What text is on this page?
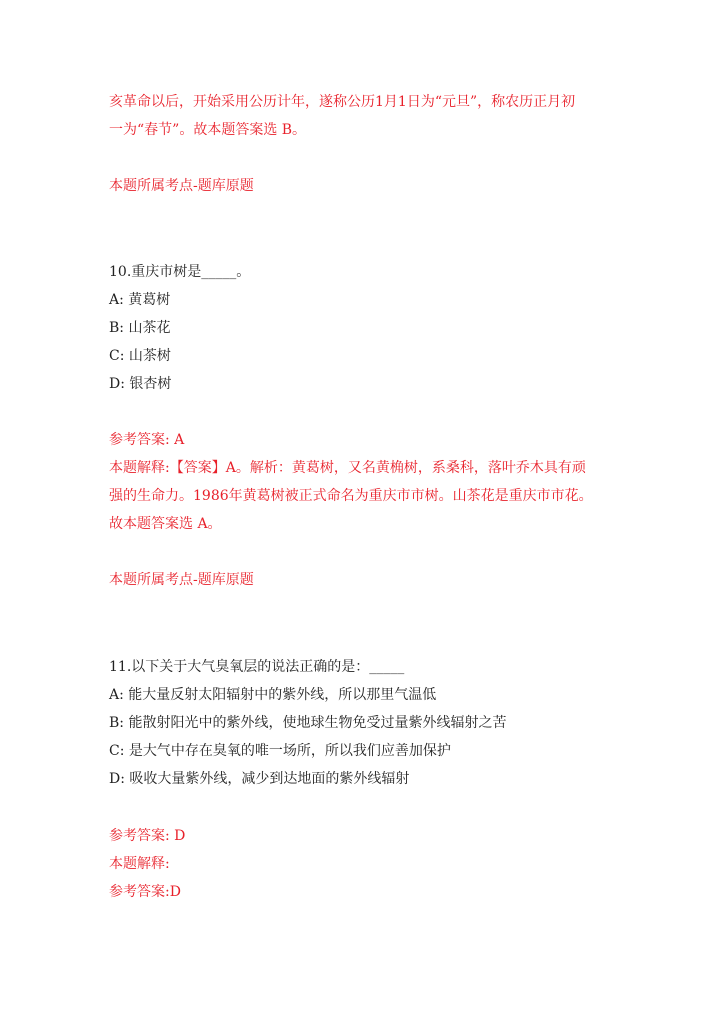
亥革命以后，开始采用公历计年，遂称公历1月1日为“元旦”，称农历正月初
一为“春节”。故本题答案选 B。
本题所属考点-题库原题
10.重庆市树是_____。
A: 黄葛树
B: 山茶花
C: 山茶树
D: 银杏树
参考答案: A
本题解释:【答案】A。解析：黄葛树，又名黄桷树，系桑科，落叶乔木具有顽
强的生命力。1986年黄葛树被正式命名为重庆市市树。山茶花是重庆市市花。
故本题答案选 A。
本题所属考点-题库原题
11.以下关于大气臭氧层的说法正确的是：_____
A: 能大量反射太阳辐射中的紫外线，所以那里气温低
B: 能散射阳光中的紫外线，使地球生物免受过量紫外线辐射之苦
C: 是大气中存在臭氧的唯一场所，所以我们应善加保护
D: 吸收大量紫外线，减少到达地面的紫外线辐射
参考答案: D
本题解释:
参考答案:D
